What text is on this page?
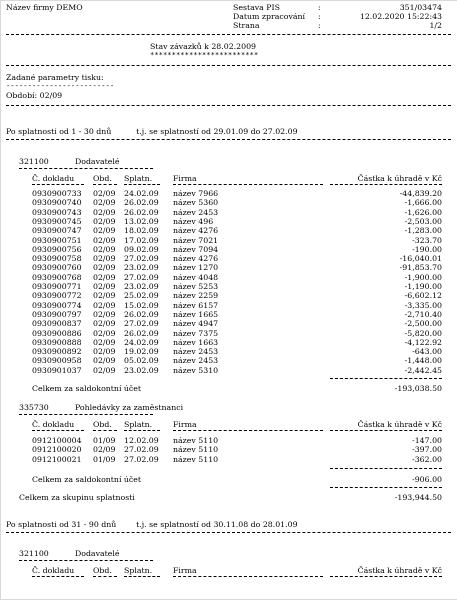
Název firmy DEMO	Sestava PIS	:	351/03474
Datum zpracování :	12.02.2020 15:22:43
Strana	:	1/2
Stav závazků k 28.02.2009
*************************
Zadané parametry tisku:
-------------------------
Období: 02/09
Po splatnosti od 1 - 30 dnů          t.j. se splatností od 29.01.09 do 27.02.09
321100	Dodavatelé
Č. dokladu Obd. Splatn.	Firma	Částka k úhradě v Kč
0930900733 02/09 24.02.09 název 7966	-44,839.20
0930900740 02/09 26.02.09 název 5360	-1,666.00
0930900743 02/09 26.02.09 název 2453	-1,626.00
0930900745 02/09 13.02.09 název 496	-2,503.00
0930900747 02/09 18.02.09 název 4276	-1,283.00
0930900751 02/09 17.02.09 název 7021	-323.70
0930900756 02/09 09.02.09 název 7094	-190.00
0930900758 02/09 27.02.09 název 4276	-16,040.01
0930900760 02/09 23.02.09 název 1270	-91,853.70
0930900768 02/09 27.02.09 název 4048	-1,900.00
0930900771 02/09 23.02.09 název 5253	-1,190.00
0930900772 02/09 25.02.09 název 2259	-6,602.12
0930900774 02/09 15.02.09 název 6157	-3,335.00
0930900797 02/09 26.02.09 název 1665	-2,710.40
0930900837 02/09 27.02.09 název 4947	-2,500.00
0930900886 02/09 26.02.09 název 7375	-5,820.00
0930900888 02/09 24.02.09 název 1663	-4,122.92
0930900892 02/09 19.02.09 název 2453	-643.00
0930900958 02/09 05.02.09 název 2453	-1,448.00
0930901037 02/09 23.02.09 název 5310	-2,442.45
Celkem za saldokontní účet	-193,038.50
335730	Pohledávky za zaměstnanci
Č. dokladu Obd. Splatn.	Firma	Částka k úhradě v Kč
0912100004 01/09 12.02.09 název 5110	-147.00
0912100020 02/09 27.02.09 název 5110	-397.00
0912100021 01/09 27.02.09 název 5110	-362.00
Celkem za saldokontní účet	-906.00
Celkem za skupinu splatnosti	-193,944.50
Po splatnosti od 31 - 90 dnů        t.j. se splatností od 30.11.08 do 28.01.09
321100	Dodavatelé
Č. dokladu Obd. Splatn.	Firma	Částka k úhradě v Kč
